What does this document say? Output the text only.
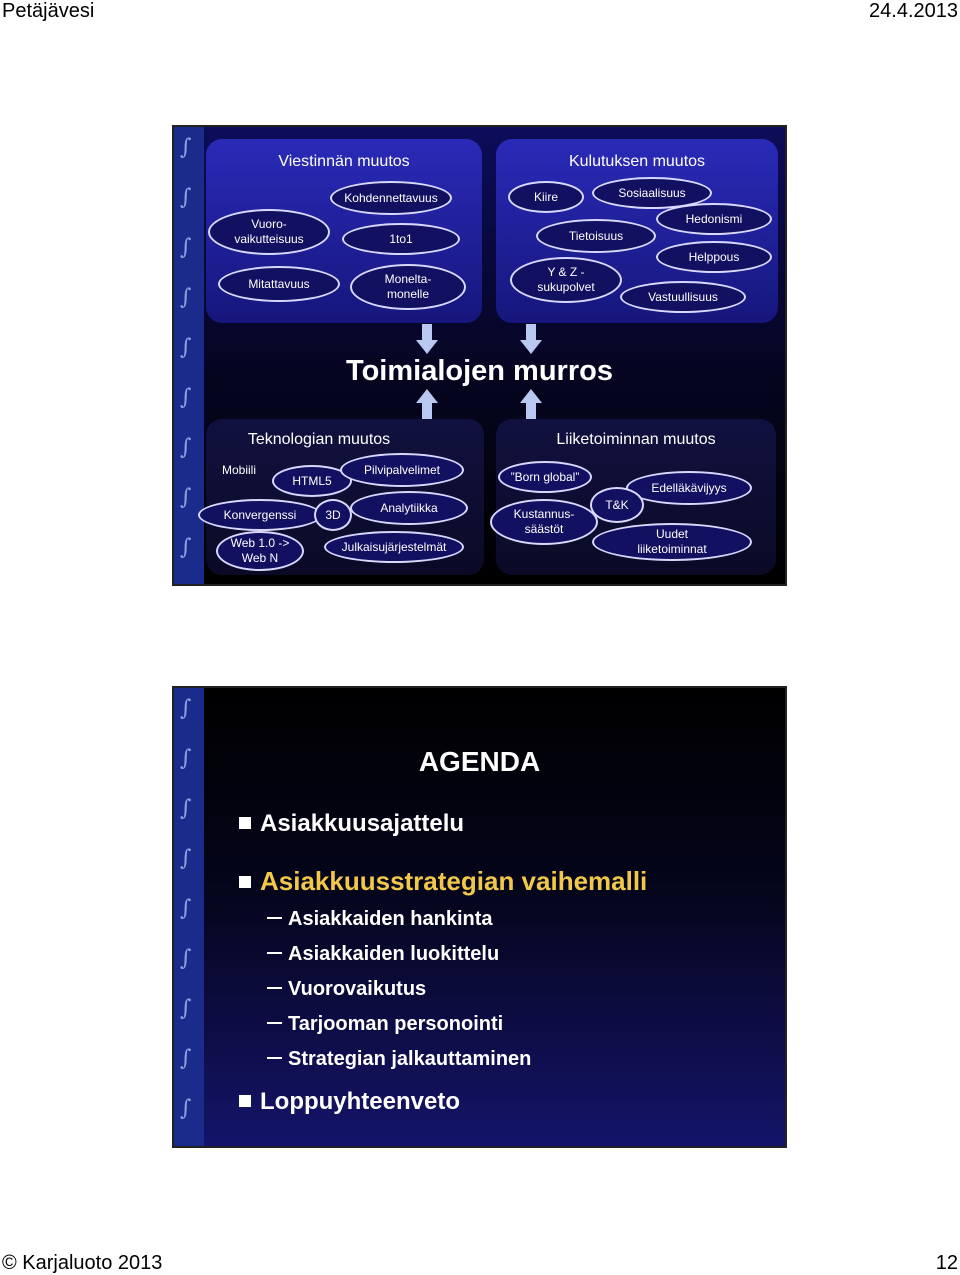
Petäjävesi	24.4.2013
∫
∫
∫
∫
∫
∫
∫
∫
∫
Viestinnän muutos
Kohdennettavuus
Vuoro-
vaikutteisuus	1to1
Mitattavuus	Monelta-
monelle
Kulutuksen muutos
Kiire	Sosiaalisuus
Hedonismi
Tietoisuus
Helppous
Y & Z -
sukupolvet
Vastuullisuus
Toimialojen murros
Teknologian muutos
Mobiili
HTML5
Pilvipalvelimet
Konvergenssi	3D	Analytiikka
Web 1.0 ->
Web N
Julkaisujärjestelmät
Liiketoiminnan muutos
”Born global”
Edelläkävijyys
T&K
Kustannus-
säästöt	Uudet
liiketoiminnat
∫
∫
∫
∫
∫
∫
∫
∫
∫
AGENDA
Asiakkuusajattelu
Asiakkuusstrategian vaihemalli
Asiakkaiden hankinta
Asiakkaiden luokittelu
Vuorovaikutus
Tarjooman personointi
Strategian jalkauttaminen
Loppuyhteenveto
© Karjaluoto 2013	12
